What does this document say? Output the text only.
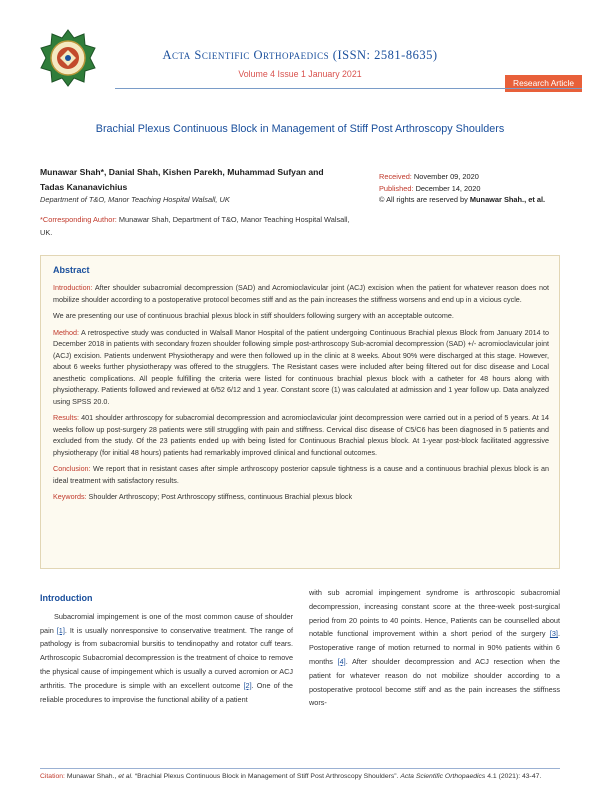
Acta Scientific Orthopaedics (ISSN: 2581-8635)
Volume 4 Issue 1 January 2021
Research Article
Brachial Plexus Continuous Block in Management of Stiff Post Arthroscopy Shoulders
Munawar Shah*, Danial Shah, Kishen Parekh, Muhammad Sufyan and
Tadas Kananavichius
Department of T&O, Manor Teaching Hospital Walsall, UK
*Corresponding Author: Munawar Shah, Department of T&O, Manor Teaching Hospital Walsall, UK.
Received: November 09, 2020
Published: December 14, 2020
© All rights are reserved by Munawar Shah., et al.
Abstract

Introduction: After shoulder subacromial decompression (SAD) and Acromioclavicular joint (ACJ) excision when the patient for whatever reason does not mobilize shoulder according to a postoperative protocol becomes stiff and as the pain increases the stiffness worsens and end up in a vicious cycle.

We are presenting our use of continuous brachial plexus block in stiff shoulders following surgery with an acceptable outcome.

Method: A retrospective study was conducted in Walsall Manor Hospital of the patient undergoing Continuous Brachial plexus Block from January 2014 to December 2018 in patients with secondary frozen shoulder following simple post-arthroscopy Sub-acromial decompression (SAD) +/- acromioclavicular joint (ACJ) excision. Patients underwent Physiotherapy and were then followed up in the clinic at 8 weeks. About 90% were discharged at this stage. However, about 6 weeks further physiotherapy was offered to the strugglers. The Resistant cases were included after being filtered out for disc disease and Local anesthetic complications. All people fulfilling the criteria were listed for continuous brachial plexus block with a catheter for 48 hours along with physiotherapy. Patients followed and reviewed at 6/52 6/12 and 1 year. Constant score (1) was calculated at admission and 1 year follow up. Data analyzed using SPSS 20.0.

Results: 401 shoulder arthroscopy for subacromial decompression and acromioclavicular joint decompression were carried out in a period of 5 years. At 14 weeks follow up post-surgery 28 patients were still struggling with pain and stiffness. Cervical disc disease of C5/C6 has been diagnosed in 5 patients and excluded from the study. Of the 23 patients ended up with being listed for Continuous Brachial plexus block. At 1-year post-block facilitated aggressive physiotherapy (for initial 48 hours) patients had remarkably improved clinical and functional outcomes.

Conclusion: We report that in resistant cases after simple arthroscopy posterior capsule tightness is a cause and a continuous brachial plexus block is an ideal treatment with satisfactory results.

Keywords: Shoulder Arthroscopy; Post Arthroscopy stiffness, continuous Brachial plexus block

Introduction

Subacromial impingement is one of the most common cause of shoulder pain [1]. It is usually nonresponsive to conservative treatment. The range of pathology is from subacromial bursitis to tendinopathy and rotator cuff tears. Arthroscopic Subacromial decompression is the treatment of choice to remove the physical cause of impingement which is usually a curved acromion or ACJ arthritis. The procedure is simple with an excellent outcome [2]. One of the reliable procedures to improvise the functional ability of a patient

with sub acromial impingement syndrome is arthroscopic subacromial decompression, increasing constant score at the three-week post-surgical period from 20 points to 40 points. Hence, Patients can be counselled about notable functional improvement within a short period of the surgery [3]. Postoperative range of motion returned to normal in 90% patients within 6 months [4]. After shoulder decompression and ACJ resection when the patient for whatever reason do not mobilize shoulder according to a postoperative protocol become stiff and as the pain increases the stiffness wors-

Citation: Munawar Shah., et al. “Brachial Plexus Continuous Block in Management of Stiff Post Arthroscopy Shoulders”. Acta Scientific Orthopaedics 4.1 (2021): 43-47.
